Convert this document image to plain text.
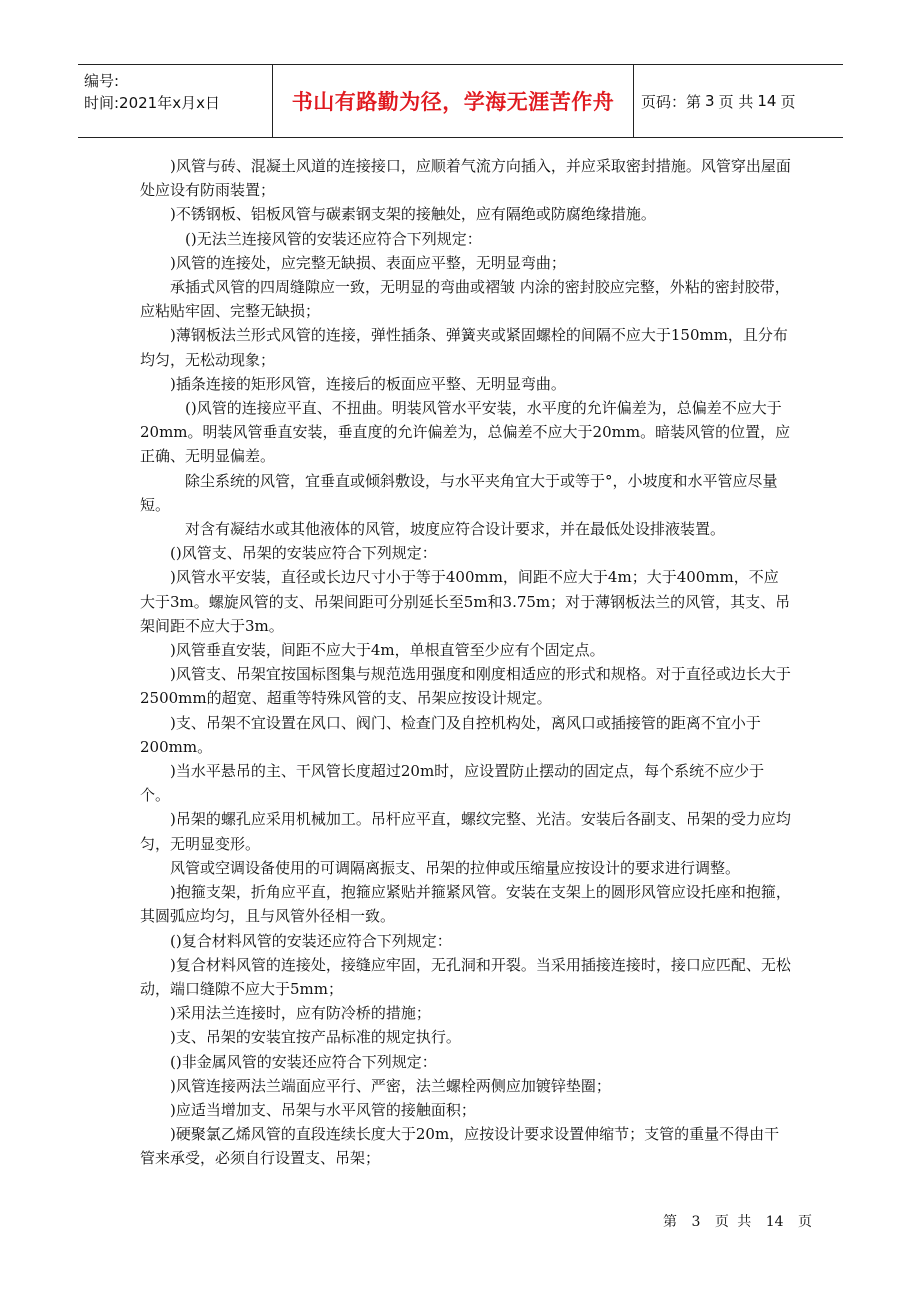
编号:
时间:2021年x月x日	书山有路勤为径，学海无涯苦作舟	页码：第 3 页 共 14 页

)风管与砖、混凝土风道的连接接口，应顺着气流方向插入，并应采取密封措施。风管穿出屋面处应设有防雨装置；

)不锈钢板、铝板风管与碳素钢支架的接触处，应有隔绝或防腐绝缘措施。

()无法兰连接风管的安装还应符合下列规定：

)风管的连接处，应完整无缺损、表面应平整，无明显弯曲；

承插式风管的四周缝隙应一致，无明显的弯曲或褶皱 内涂的密封胶应完整，外粘的密封胶带，应粘贴牢固、完整无缺损；

)薄钢板法兰形式风管的连接，弹性插条、弹簧夹或紧固螺栓的间隔不应大于150mm，且分布均匀，无松动现象；

)插条连接的矩形风管，连接后的板面应平整、无明显弯曲。

()风管的连接应平直、不扭曲。明装风管水平安装，水平度的允许偏差为，总偏差不应大于20mm。明装风管垂直安装，垂直度的允许偏差为，总偏差不应大于20mm。暗装风管的位置，应正确、无明显偏差。

除尘系统的风管，宜垂直或倾斜敷设，与水平夹角宜大于或等于°，小坡度和水平管应尽量短。

对含有凝结水或其他液体的风管，坡度应符合设计要求，并在最低处设排液装置。

()风管支、吊架的安装应符合下列规定：

)风管水平安装，直径或长边尺寸小于等于400mm，间距不应大于4m；大于400mm，不应大于3m。螺旋风管的支、吊架间距可分别延长至5m和3.75m；对于薄钢板法兰的风管，其支、吊架间距不应大于3m。

)风管垂直安装，间距不应大于4m，单根直管至少应有个固定点。

)风管支、吊架宜按国标图集与规范选用强度和刚度相适应的形式和规格。对于直径或边长大于2500mm的超宽、超重等特殊风管的支、吊架应按设计规定。

)支、吊架不宜设置在风口、阀门、检查门及自控机构处，离风口或插接管的距离不宜小于200mm。

)当水平悬吊的主、干风管长度超过20m时，应设置防止摆动的固定点，每个系统不应少于个。

)吊架的螺孔应采用机械加工。吊杆应平直，螺纹完整、光洁。安装后各副支、吊架的受力应均匀，无明显变形。

风管或空调设备使用的可调隔离振支、吊架的拉伸或压缩量应按设计的要求进行调整。

)抱箍支架，折角应平直，抱箍应紧贴并箍紧风管。安装在支架上的圆形风管应设托座和抱箍，其圆弧应均匀，且与风管外径相一致。

()复合材料风管的安装还应符合下列规定：

)复合材料风管的连接处，接缝应牢固，无孔洞和开裂。当采用插接连接时，接口应匹配、无松动，端口缝隙不应大于5mm；

)采用法兰连接时，应有防冷桥的措施；

)支、吊架的安装宜按产品标准的规定执行。

()非金属风管的安装还应符合下列规定：

)风管连接两法兰端面应平行、严密，法兰螺栓两侧应加镀锌垫圈；

)应适当增加支、吊架与水平风管的接触面积；

)硬聚氯乙烯风管的直段连续长度大于20m，应按设计要求设置伸缩节；支管的重量不得由干管来承受，必须自行设置支、吊架；

第 3 页 共 14 页
